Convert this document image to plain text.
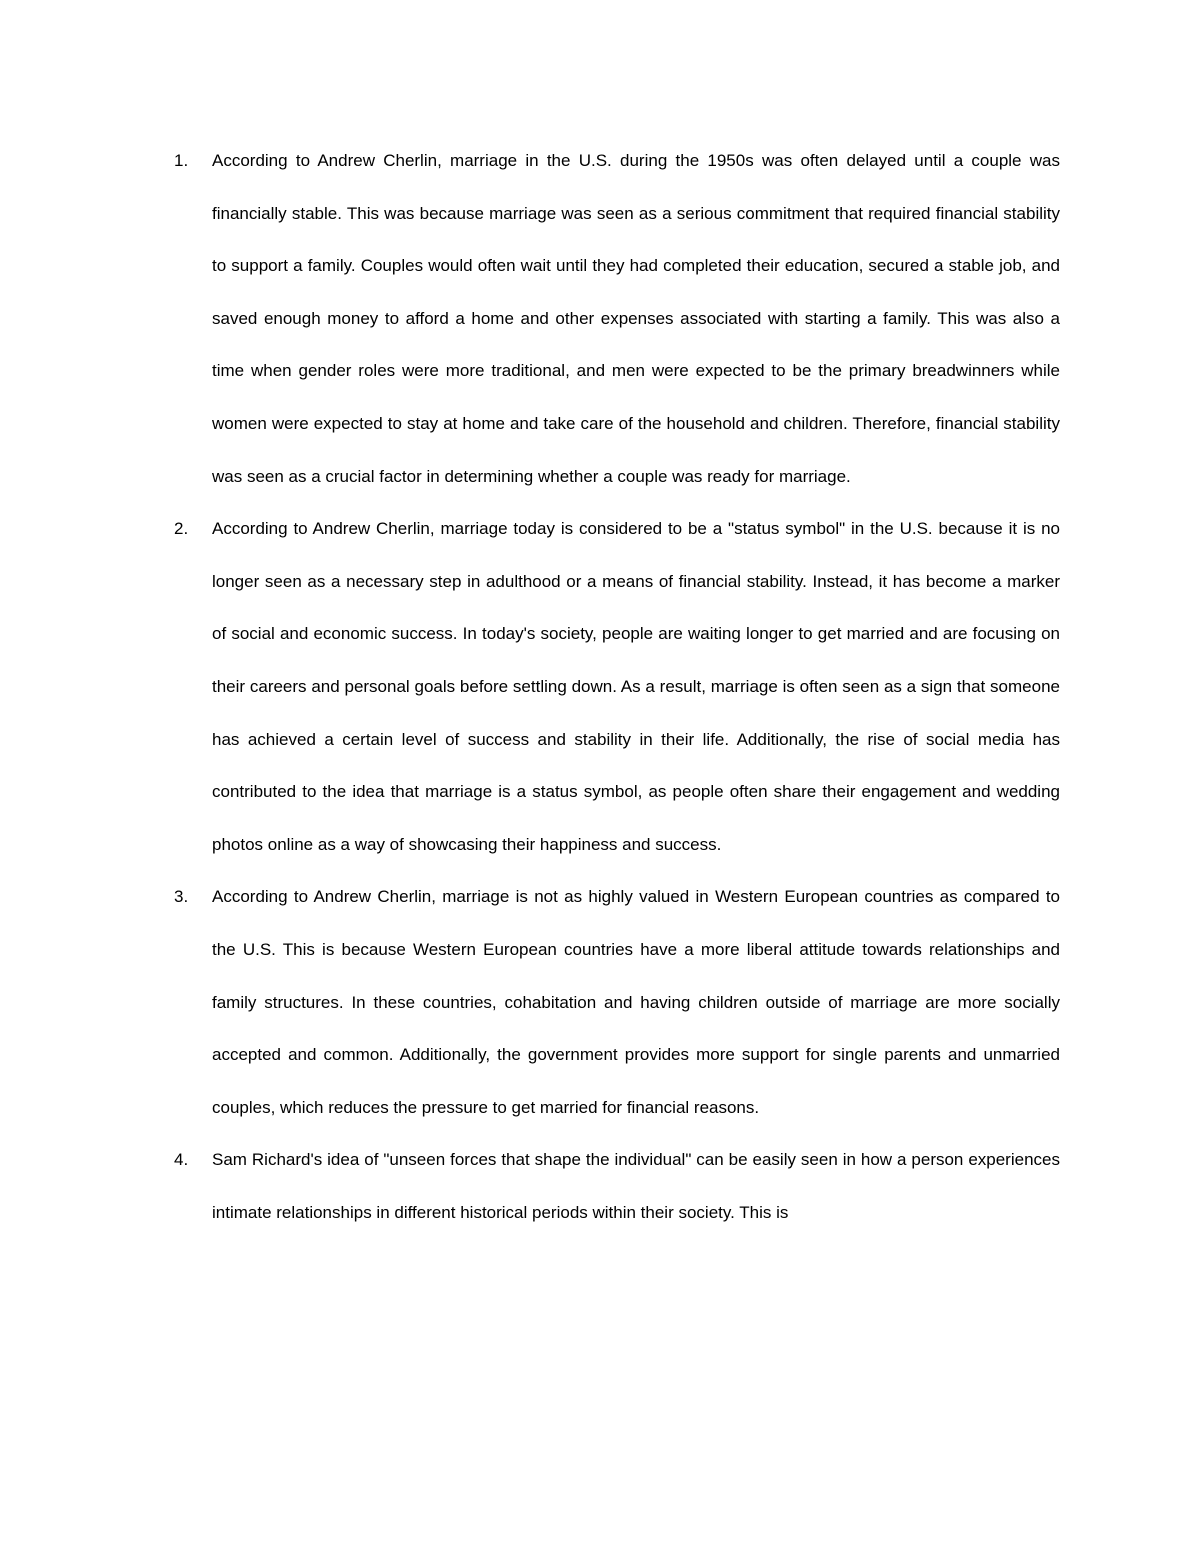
1.	According to Andrew Cherlin, marriage in the U.S. during the 1950s was often delayed until a couple was financially stable. This was because marriage was seen as a serious commitment that required financial stability to support a family. Couples would often wait until they had completed their education, secured a stable job, and saved enough money to afford a home and other expenses associated with starting a family. This was also a time when gender roles were more traditional, and men were expected to be the primary breadwinners while women were expected to stay at home and take care of the household and children. Therefore, financial stability was seen as a crucial factor in determining whether a couple was ready for marriage.

2.	According to Andrew Cherlin, marriage today is considered to be a "status symbol" in the U.S. because it is no longer seen as a necessary step in adulthood or a means of financial stability. Instead, it has become a marker of social and economic success. In today's society, people are waiting longer to get married and are focusing on their careers and personal goals before settling down. As a result, marriage is often seen as a sign that someone has achieved a certain level of success and stability in their life. Additionally, the rise of social media has contributed to the idea that marriage is a status symbol, as people often share their engagement and wedding photos online as a way of showcasing their happiness and success.

3.	According to Andrew Cherlin, marriage is not as highly valued in Western European countries as compared to the U.S. This is because Western European countries have a more liberal attitude towards relationships and family structures. In these countries, cohabitation and having children outside of marriage are more socially accepted and common. Additionally, the government provides more support for single parents and unmarried couples, which reduces the pressure to get married for financial reasons.

4.	Sam Richard's idea of "unseen forces that shape the individual" can be easily seen in how a person experiences intimate relationships in different historical periods within their society. This is
